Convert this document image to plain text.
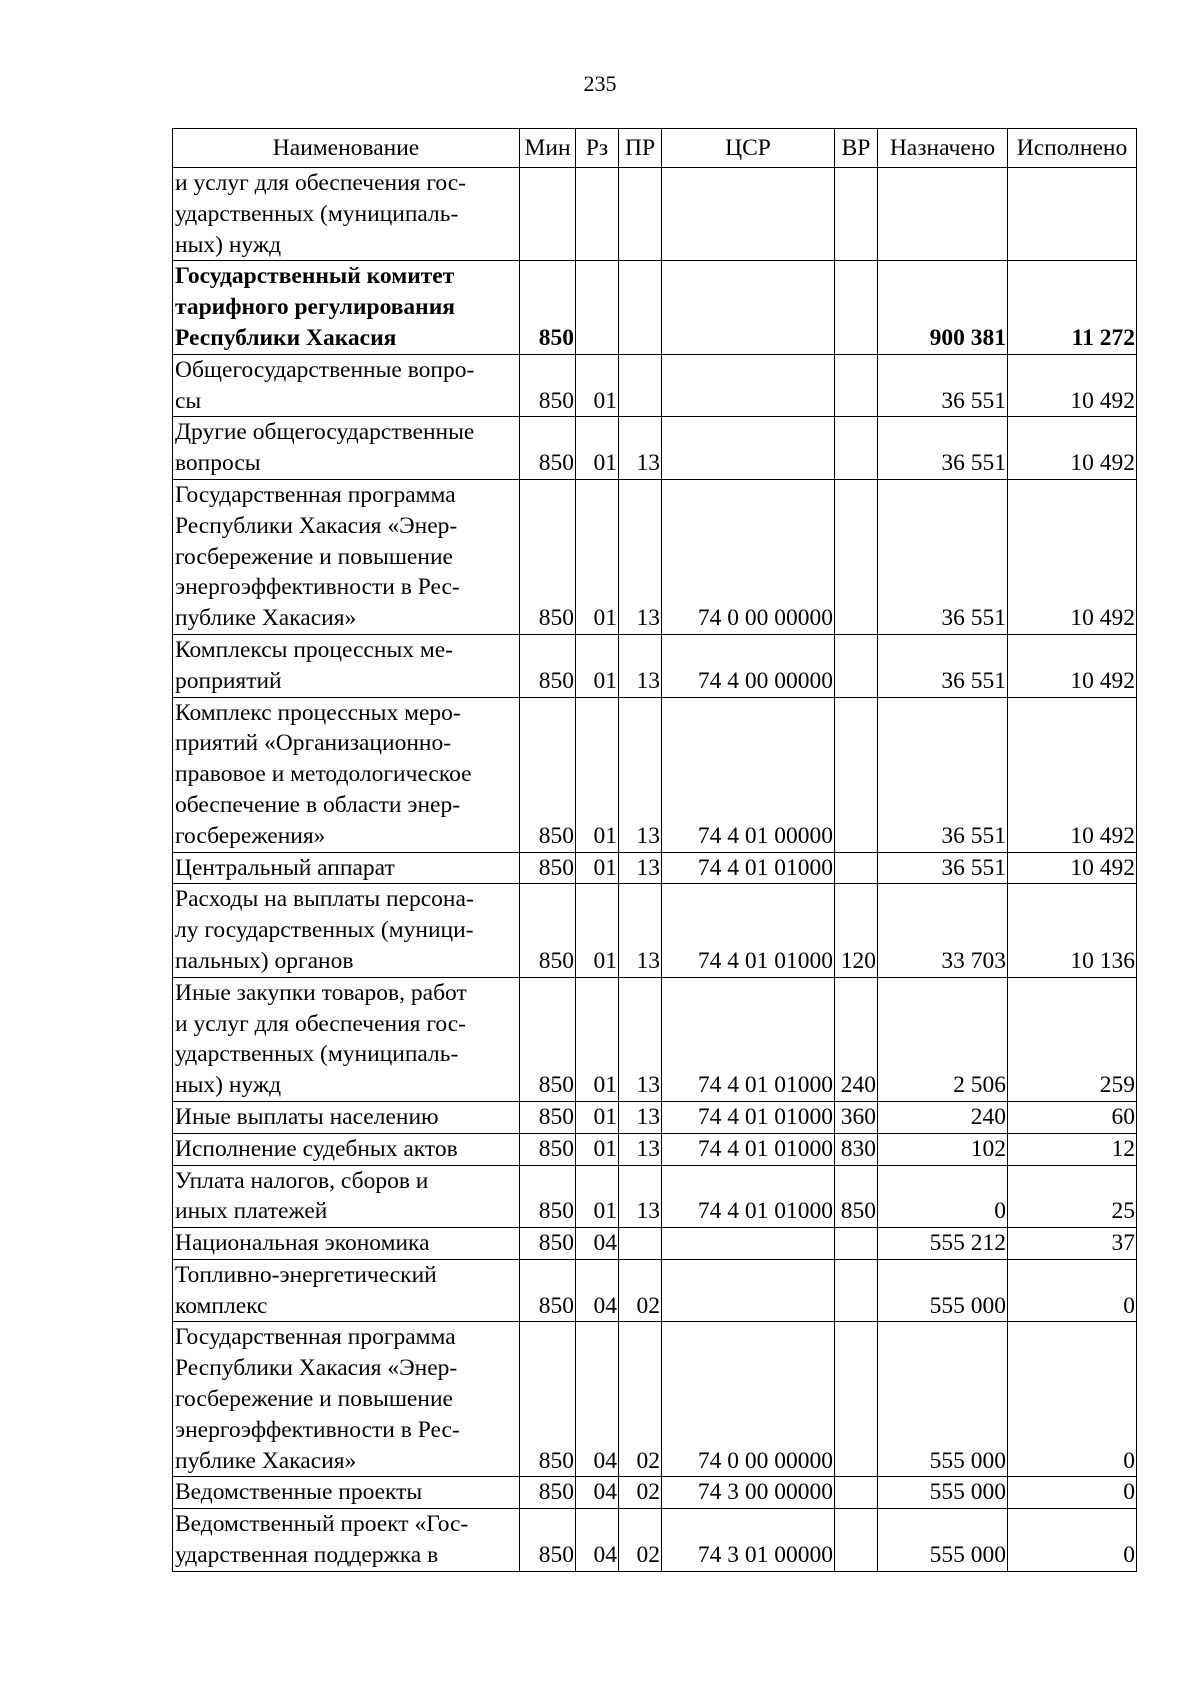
235
Наименование	Мин	Рз	ПР	ЦСР	ВР	Назначено	Исполнено

и услуг для обеспечения гос-
ударственных (муниципаль-
ных) нужд							

Государственный комитет
тарифного регулирования
Республики Хакасия	850					900 381	11 272

Общегосударственные вопро-
сы	850	01				36 551	10 492

Другие общегосударственные
вопросы	850	01	13			36 551	10 492

Государственная программа
Республики Хакасия «Энер-
госбережение и повышение
энергоэффективности в Рес-
публике Хакасия»	850	01	13	74 0 00 00000		36 551	10 492

Комплексы процессных ме-
роприятий	850	01	13	74 4 00 00000		36 551	10 492

Комплекс процессных меро-
приятий «Организационно-
правовое и методологическое
обеспечение в области энер-
госбережения»	850	01	13	74 4 01 00000		36 551	10 492

Центральный аппарат	850	01	13	74 4 01 01000		36 551	10 492

Расходы на выплаты персона-
лу государственных (муници-
пальных) органов	850	01	13	74 4 01 01000	120	33 703	10 136

Иные закупки товаров, работ
и услуг для обеспечения гос-
ударственных (муниципаль-
ных) нужд	850	01	13	74 4 01 01000	240	2 506	259

Иные выплаты населению	850	01	13	74 4 01 01000	360	240	60

Исполнение судебных актов	850	01	13	74 4 01 01000	830	102	12

Уплата налогов, сборов и
иных платежей	850	01	13	74 4 01 01000	850	0	25

Национальная экономика	850	04				555 212	37

Топливно-энергетический
комплекс	850	04	02			555 000	0

Государственная программа
Республики Хакасия «Энер-
госбережение и повышение
энергоэффективности в Рес-
публике Хакасия»	850	04	02	74 0 00 00000		555 000	0

Ведомственные проекты	850	04	02	74 3 00 00000		555 000	0

Ведомственный проект «Гос-
ударственная поддержка в	850	04	02	74 3 01 00000		555 000	0
